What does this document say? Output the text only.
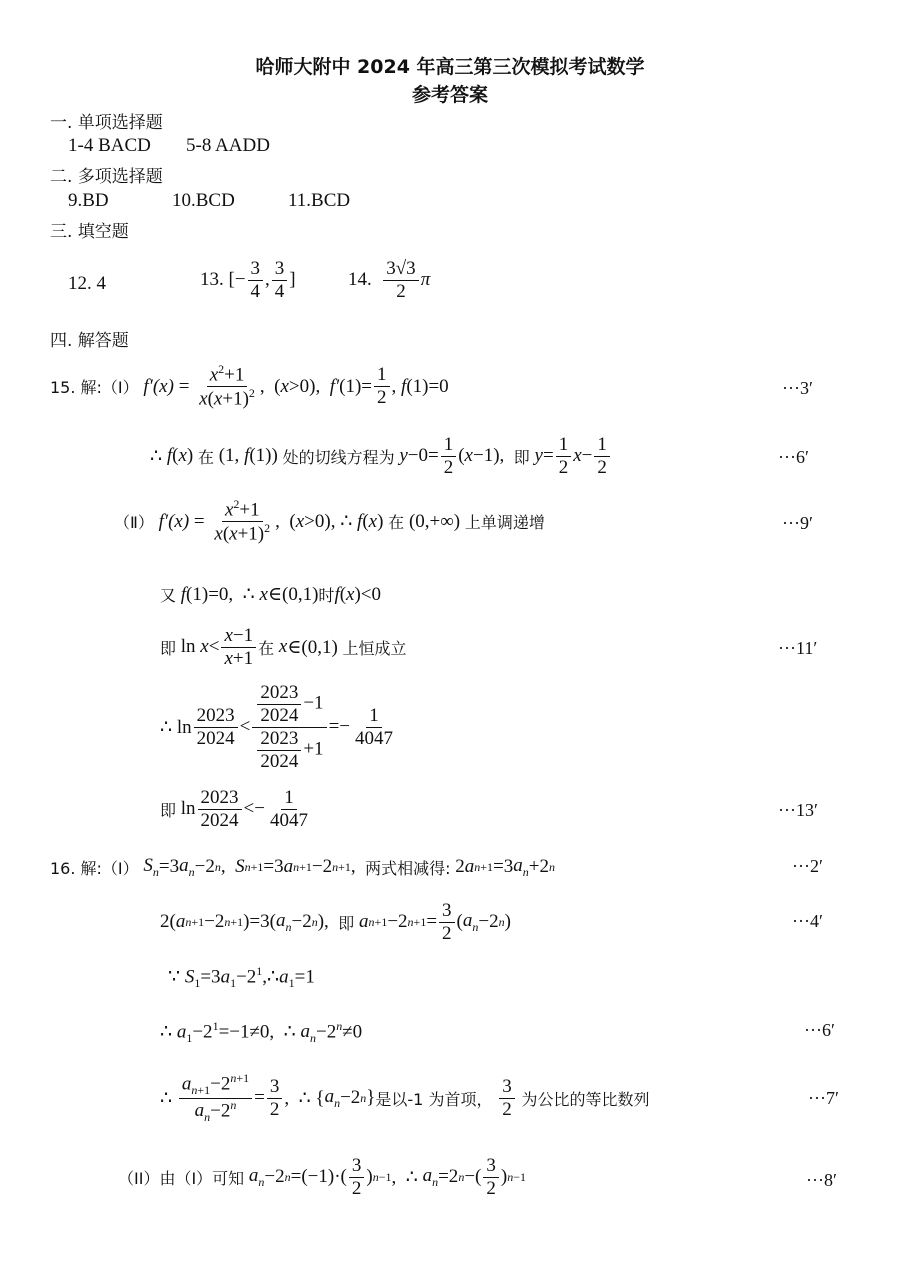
哈师大附中 2024 年高三第三次模拟考试数学
参考答案
一. 单项选择题
1-4 BACD 5-8 AADD
二. 多项选择题
9.BD	10.BCD	11.BCD
三. 填空题
12. 4	13. [− $\frac{3}{4}$ , $\frac{3}{4}$ ]	14.
$\frac{3√3}{2}$ π
四. 解答题
15. 解:（Ⅰ） $f'(x) = \frac{x^2+1}{x(x+1)^2}$ ,  ( x >0), f′ $(1)= \frac{1}{2}$ , f (1)=0	···3′
∴ f ( x ) 在 (1, f (1)) 处的切线方程为
$y -0= \frac{1}{2}$ ( x −1), 即
$y = \frac{1}{2}$ $x - \frac{1}{2}$	···6′
（Ⅱ） $f'(x) = \frac{x^2+1}{x(x+1)^2}$ ,  ( x >0), ∴ f ( x ) 在 (0,+∞) 上单调递增	···9′
又
f (1)=0,  ∴ x ∈(0,1) 时 f ( x )<0
即 $\ln x < \frac{x-1}{x+1}$ 在
x ∈(0,1) 上恒成立	···11′
∴ $\ln \frac{2023}{2024} < \frac{\frac{2023}{2024} -1}{\frac{2023}{2024} +1} =- \frac{1}{4047}$
即 $\ln \frac{2023}{2024} <- \frac{1}{4047}$	···13′
16. 解:（Ⅰ）
$S_n =3$ $a_n -2$ n , S n+1 =3 a n+1 −2 n+1 , 两式相减得: 2 a n+1 =3 $a_n +2$ n	···2′
2( a n+1 −2 n+1 )=3( $a_n -2$ n ), 即
a n+1 −2 $n+1 = \frac{3}{2}$ ( $a_n -2$ n )	···4′
∵ $S_1=3a_1-2^1,\therefore a_1=1$
∴ $a_1-2^1=-1\ne 0$,  ∴ $a_n-2^n\ne 0$	···6′
∴ $\frac{a_{n+1}-2^{n+1}}{a_n-2^n} = \frac{3}{2}$ ,  ∴ { $a_n -2$ n } 是以-1 为首项，
$\frac{3}{2}$
为公比的等比数列	···7′
（II）由（Ⅰ）可知
$a_n -2$ $n =(-1)\cdot( \frac{3}{2}$ ) n−1 ,  ∴ $a_n =2$ n −( $\frac{3}{2}$ ) n−1	···8′
